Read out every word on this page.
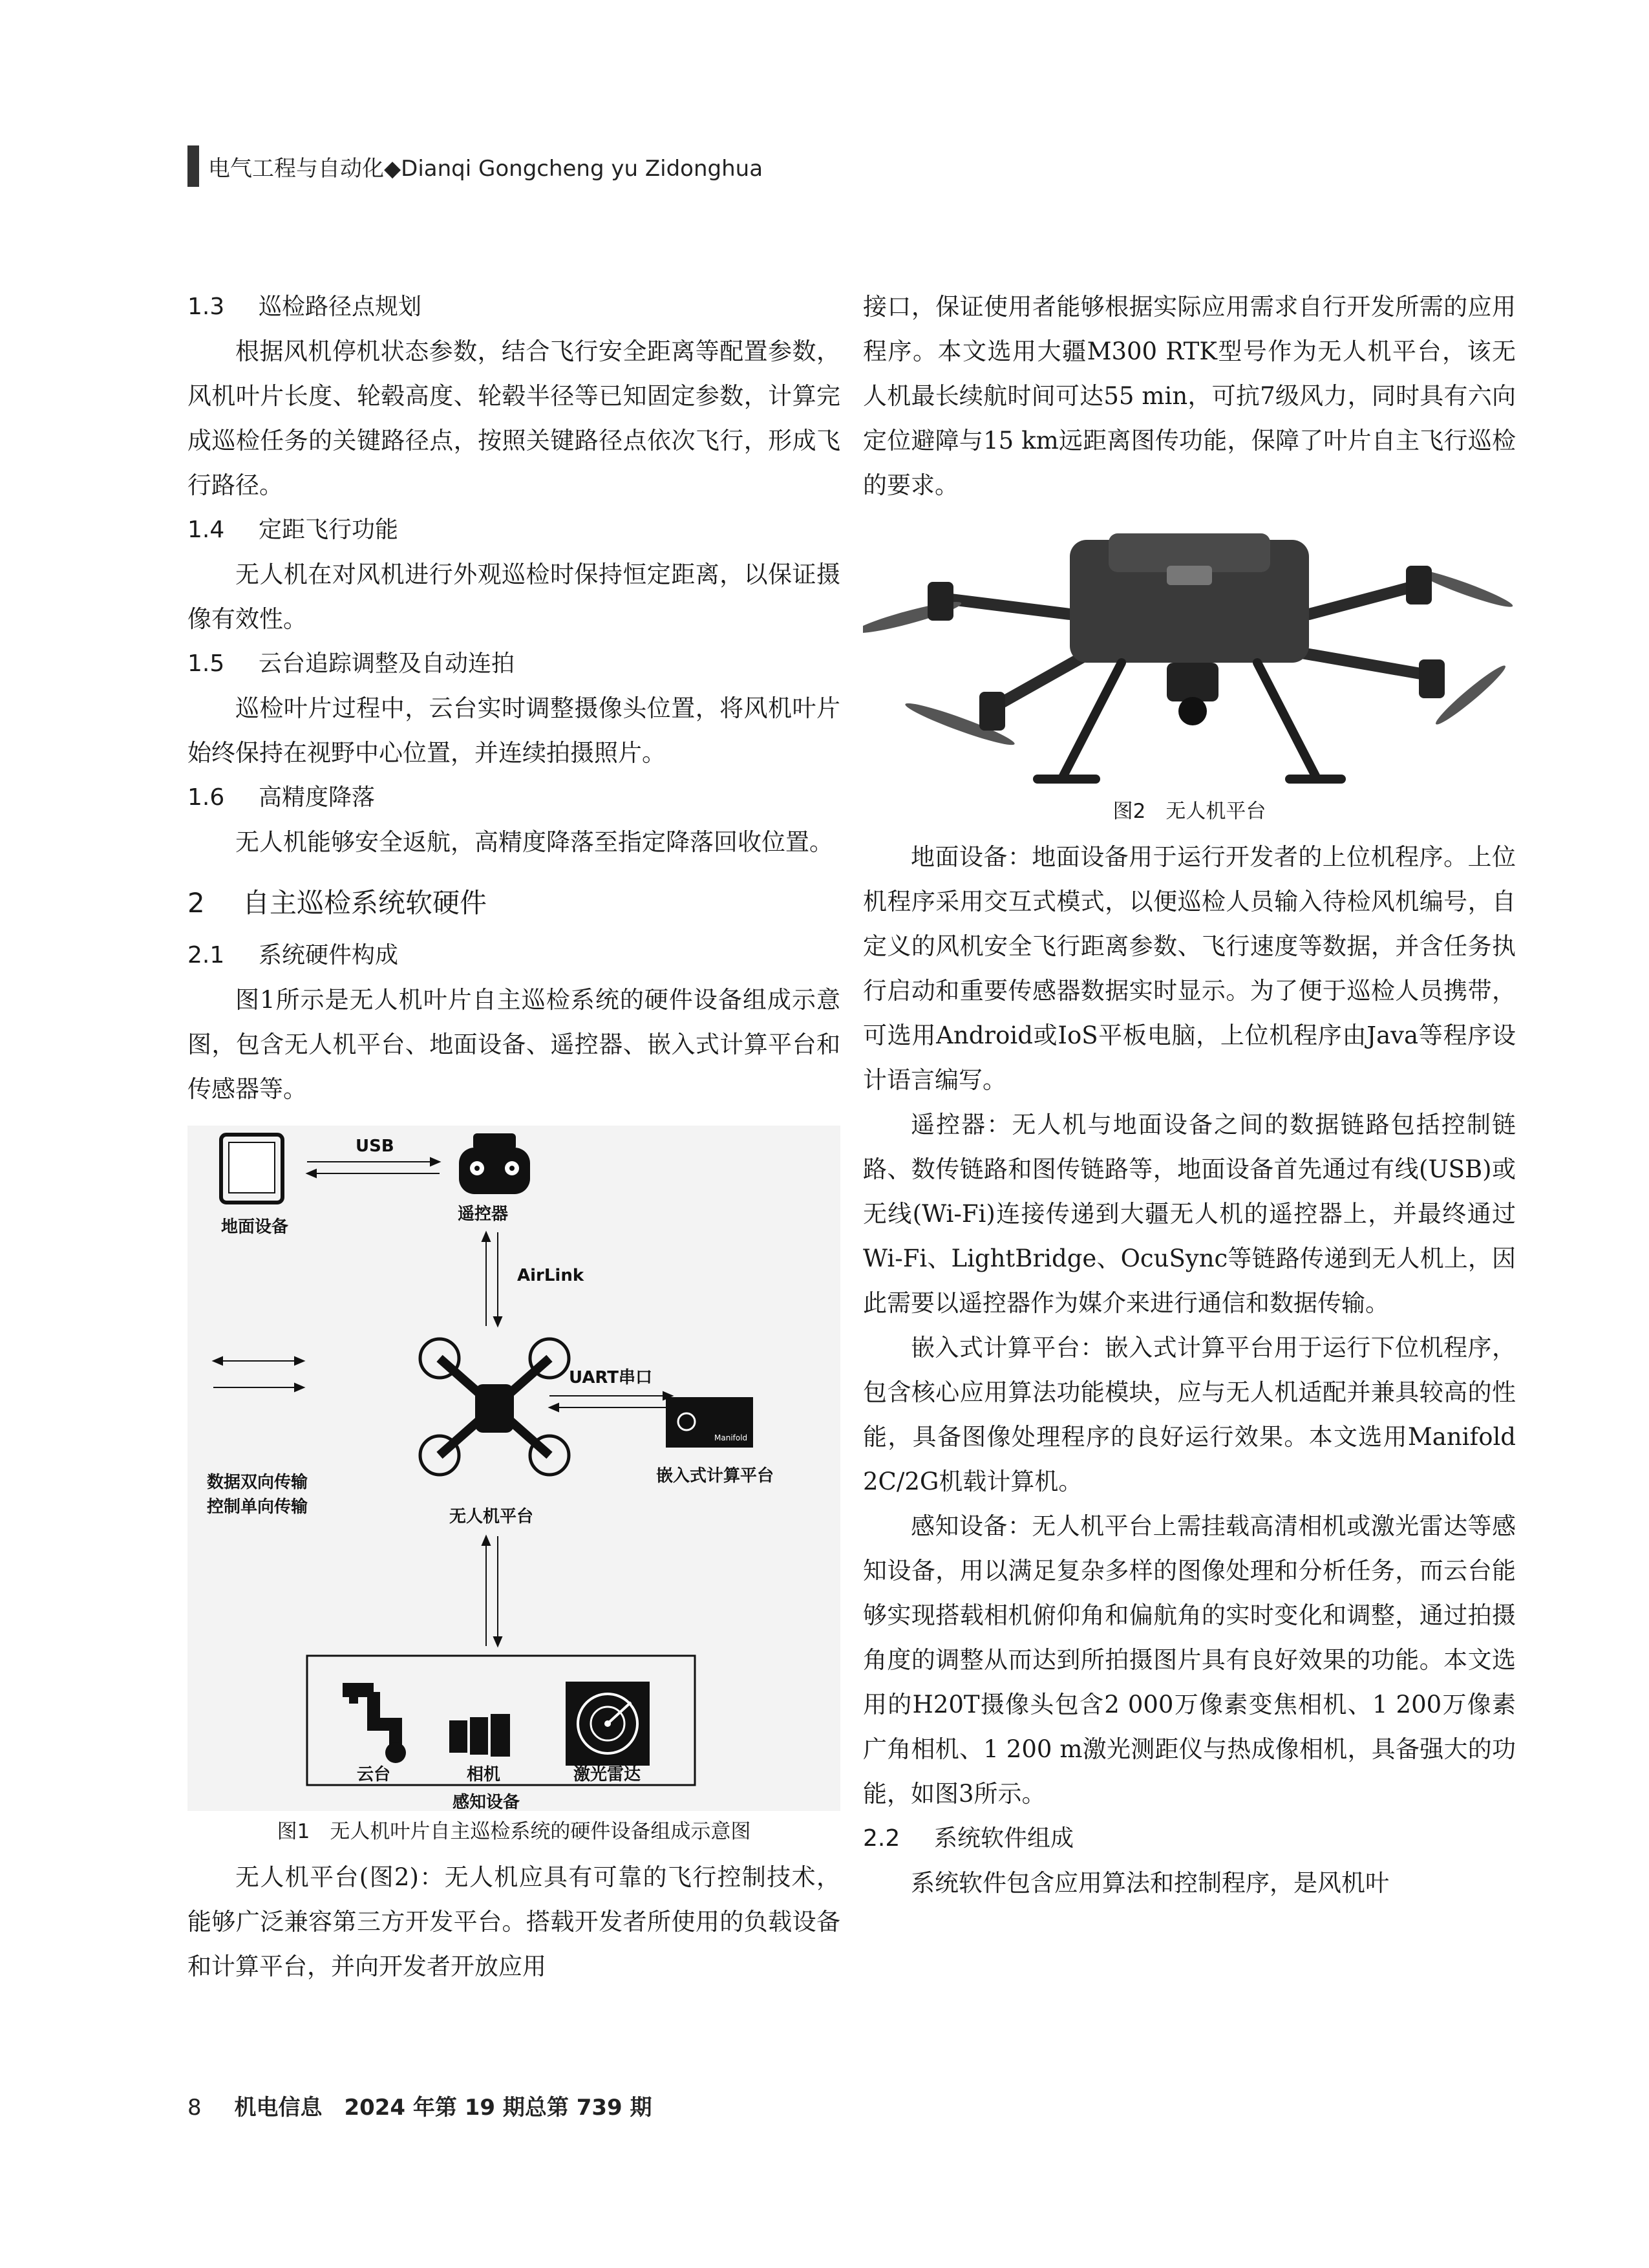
电气工程与自动化◆Dianqi Gongcheng yu Zidonghua
1.3 巡检路径点规划

根据风机停机状态参数，结合飞行安全距离等配置参数，风机叶片长度、轮毂高度、轮毂半径等已知固定参数，计算完成巡检任务的关键路径点，按照关键路径点依次飞行，形成飞行路径。

1.4 定距飞行功能

无人机在对风机进行外观巡检时保持恒定距离，以保证摄像有效性。

1.5 云台追踪调整及自动连拍

巡检叶片过程中，云台实时调整摄像头位置，将风机叶片始终保持在视野中心位置，并连续拍摄照片。

1.6 高精度降落

无人机能够安全返航，高精度降落至指定降落回收位置。

2 自主巡检系统软硬件
2.1 系统硬件构成

图1所示是无人机叶片自主巡检系统的硬件设备组成示意图，包含无人机平台、地面设备、遥控器、嵌入式计算平台和传感器等。

地面设备
USB
遥控器
AirLink
UART串口
Manifold
嵌入式计算平台
数据双向传输
控制单向传输	无人机平台
云台	相机	激光雷达
感知设备
图1　无人机叶片自主巡检系统的硬件设备组成示意图

无人机平台(图2)：无人机应具有可靠的飞行控制技术，能够广泛兼容第三方开发平台。搭载开发者所使用的负载设备和计算平台，并向开发者开放应用

接口，保证使用者能够根据实际应用需求自行开发所需的应用程序。本文选用大疆M300 RTK型号作为无人机平台，该无人机最长续航时间可达55 min，可抗7级风力，同时具有六向定位避障与15 km远距离图传功能，保障了叶片自主飞行巡检的要求。

图2　无人机平台

地面设备：地面设备用于运行开发者的上位机程序。上位机程序采用交互式模式，以便巡检人员输入待检风机编号，自定义的风机安全飞行距离参数、飞行速度等数据，并含任务执行启动和重要传感器数据实时显示。为了便于巡检人员携带，可选用Android或IoS平板电脑，上位机程序由Java等程序设计语言编写。

遥控器：无人机与地面设备之间的数据链路包括控制链路、数传链路和图传链路等，地面设备首先通过有线(USB)或无线(Wi-Fi)连接传递到大疆无人机的遥控器上，并最终通过Wi-Fi、LightBridge、OcuSync等链路传递到无人机上，因此需要以遥控器作为媒介来进行通信和数据传输。

嵌入式计算平台：嵌入式计算平台用于运行下位机程序，包含核心应用算法功能模块，应与无人机适配并兼具较高的性能，具备图像处理程序的良好运行效果。本文选用Manifold 2C/2G机载计算机。

感知设备：无人机平台上需挂载高清相机或激光雷达等感知设备，用以满足复杂多样的图像处理和分析任务，而云台能够实现搭载相机俯仰角和偏航角的实时变化和调整，通过拍摄角度的调整从而达到所拍摄图片具有良好效果的功能。本文选用的H20T摄像头包含2 000万像素变焦相机、1 200万像素广角相机、1 200 m激光测距仪与热成像相机，具备强大的功能，如图3所示。

2.2 系统软件组成

系统软件包含应用算法和控制程序，是风机叶

8 机电信息　2024 年第 19 期总第 739 期
